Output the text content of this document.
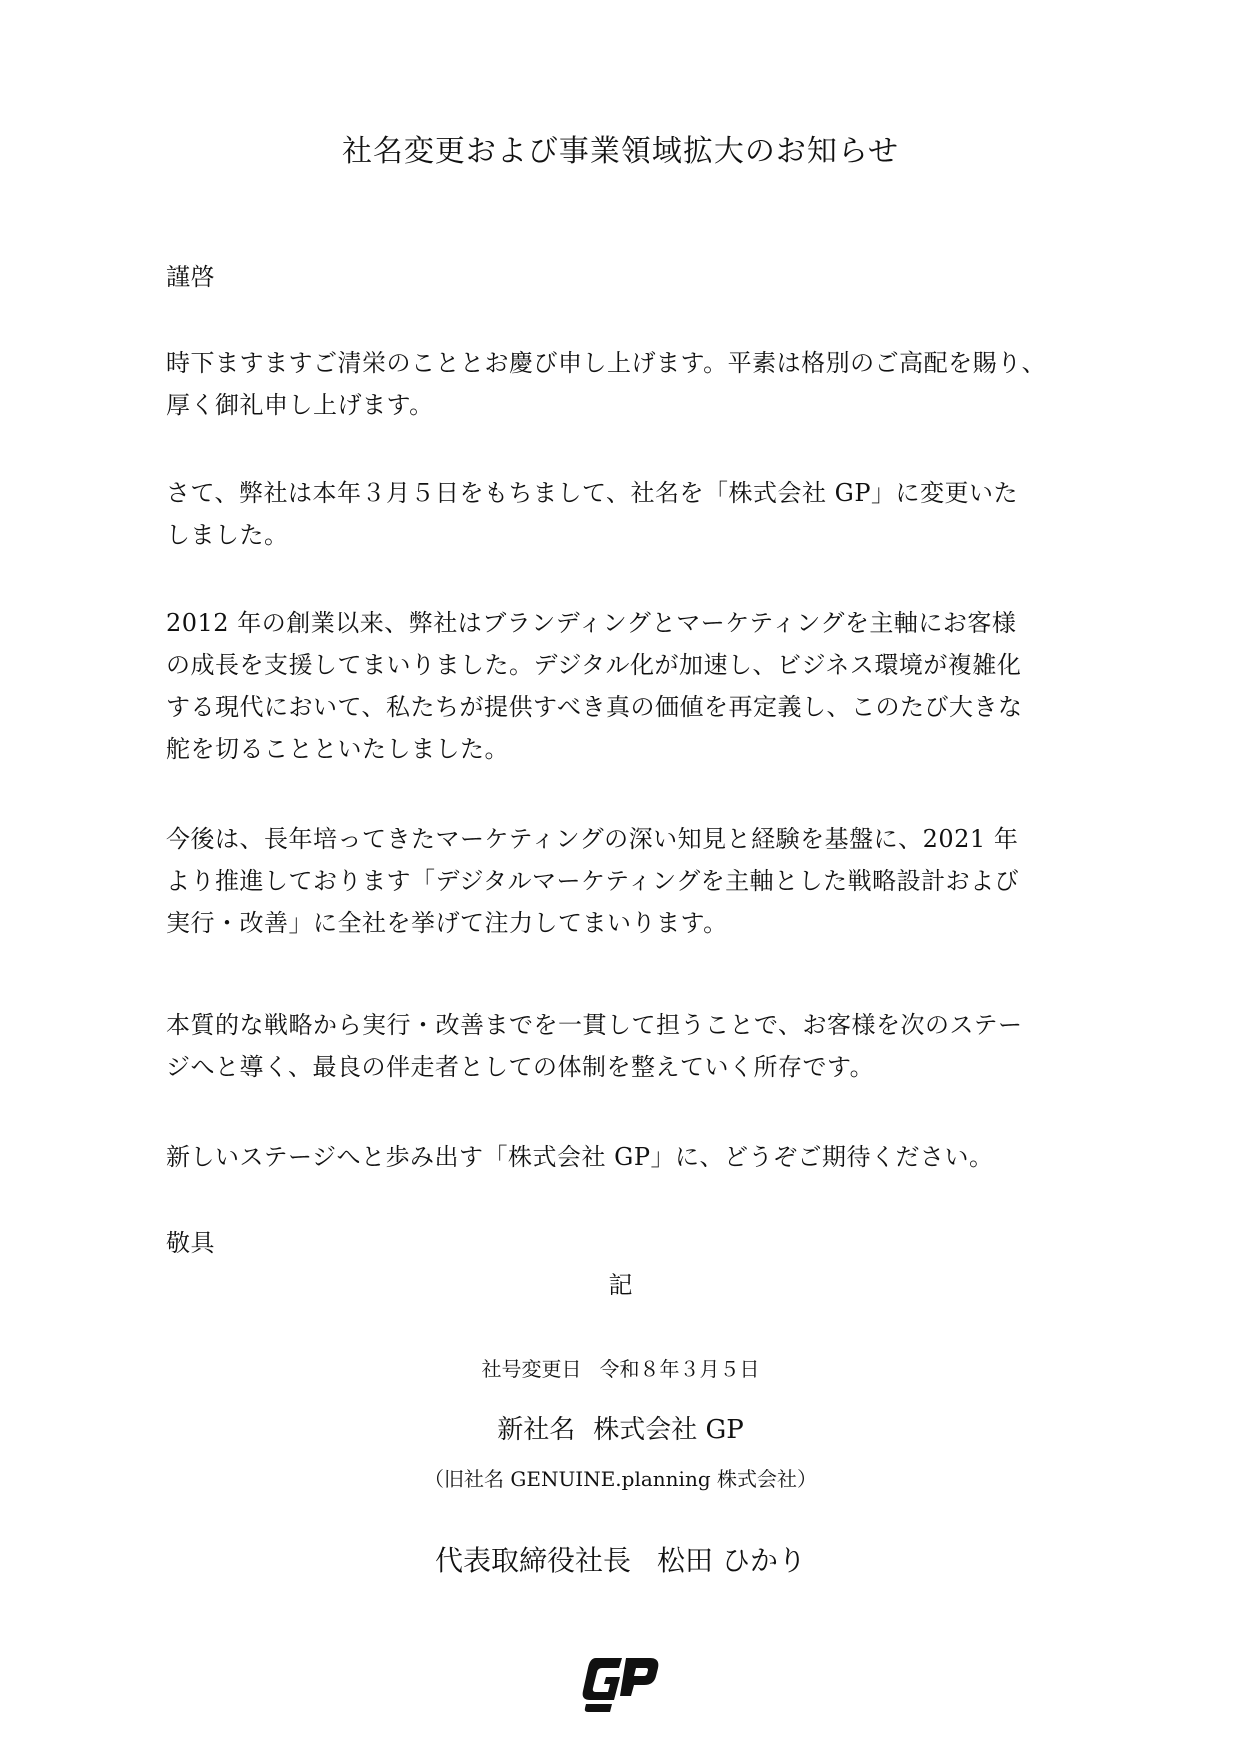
社名変更および事業領域拡大のお知らせ
謹啓

時下ますますご清栄のこととお慶び申し上げます。平素は格別のご高配を賜り、

厚く御礼申し上げます。

さて、弊社は本年３月５日をもちまして、社名を「株式会社 GP」に変更いた

しました。

2012 年の創業以来、弊社はブランディングとマーケティングを主軸にお客様

の成長を支援してまいりました。デジタル化が加速し、ビジネス環境が複雑化

する現代において、私たちが提供すべき真の価値を再定義し、このたび大きな

舵を切ることといたしました。

今後は、長年培ってきたマーケティングの深い知見と経験を基盤に、2021 年

より推進しております「デジタルマーケティングを主軸とした戦略設計および

実行・改善」に全社を挙げて注力してまいります。

本質的な戦略から実行・改善までを一貫して担うことで、お客様を次のステー

ジへと導く、最良の伴走者としての体制を整えていく所存です。

新しいステージへと歩み出す「株式会社 GP」に、どうぞご期待ください。

敬具
記
社号変更日 令和８年３月５日
新社名 株式会社 GP
（旧社名 GENUINE.planning 株式会社）
代表取締役社長 松田 ひかり
